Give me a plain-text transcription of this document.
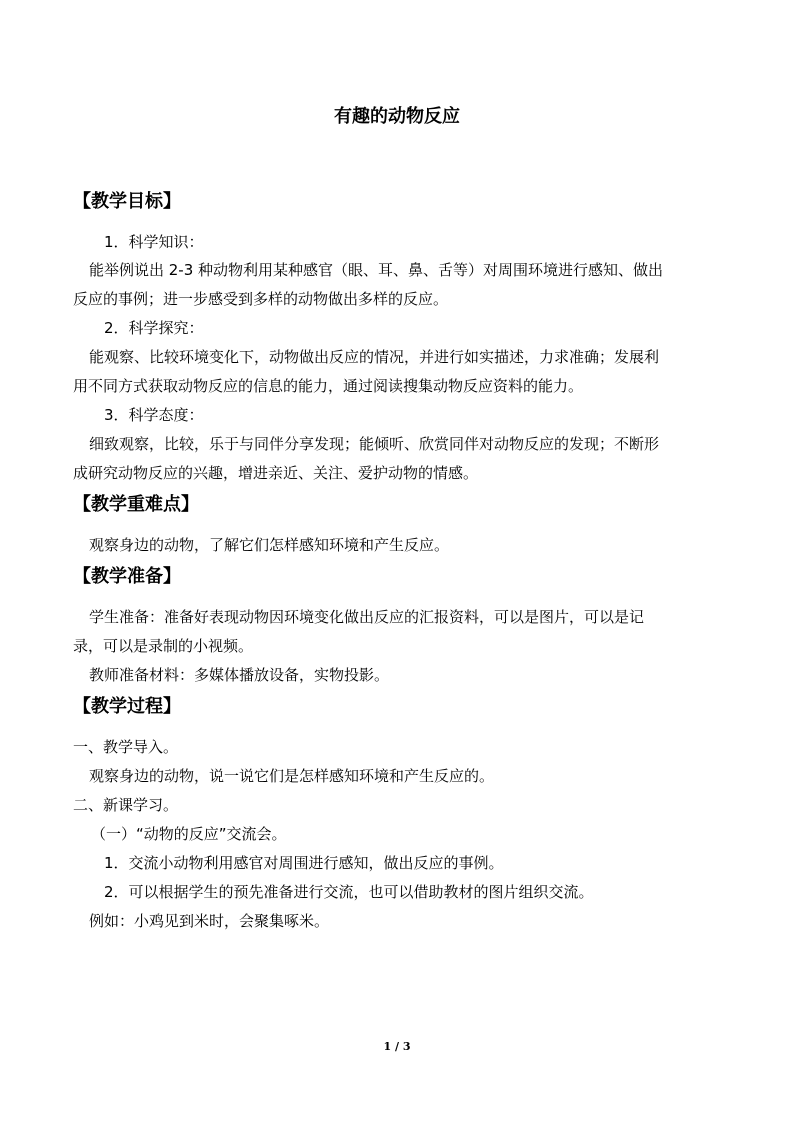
有趣的动物反应
【教学目标】
1．科学知识：
能举例说出 2-3 种动物利用某种感官（眼、耳、鼻、舌等）对周围环境进行感知、做出
反应的事例；进一步感受到多样的动物做出多样的反应。
2．科学探究：
能观察、比较环境变化下，动物做出反应的情况，并进行如实描述，力求准确；发展利
用不同方式获取动物反应的信息的能力，通过阅读搜集动物反应资料的能力。
3．科学态度：
细致观察，比较，乐于与同伴分享发现；能倾听、欣赏同伴对动物反应的发现；不断形
成研究动物反应的兴趣，增进亲近、关注、爱护动物的情感。
【教学重难点】
观察身边的动物，了解它们怎样感知环境和产生反应。
【教学准备】
学生准备：准备好表现动物因环境变化做出反应的汇报资料，可以是图片，可以是记
录，可以是录制的小视频。
教师准备材料：多媒体播放设备，实物投影。
【教学过程】
一、教学导入。
观察身边的动物，说一说它们是怎样感知环境和产生反应的。
二、新课学习。
（一）“动物的反应”交流会。
1．交流小动物利用感官对周围进行感知，做出反应的事例。
2．可以根据学生的预先准备进行交流，也可以借助教材的图片组织交流。
例如：小鸡见到米时，会聚集啄米。
1 / 3
